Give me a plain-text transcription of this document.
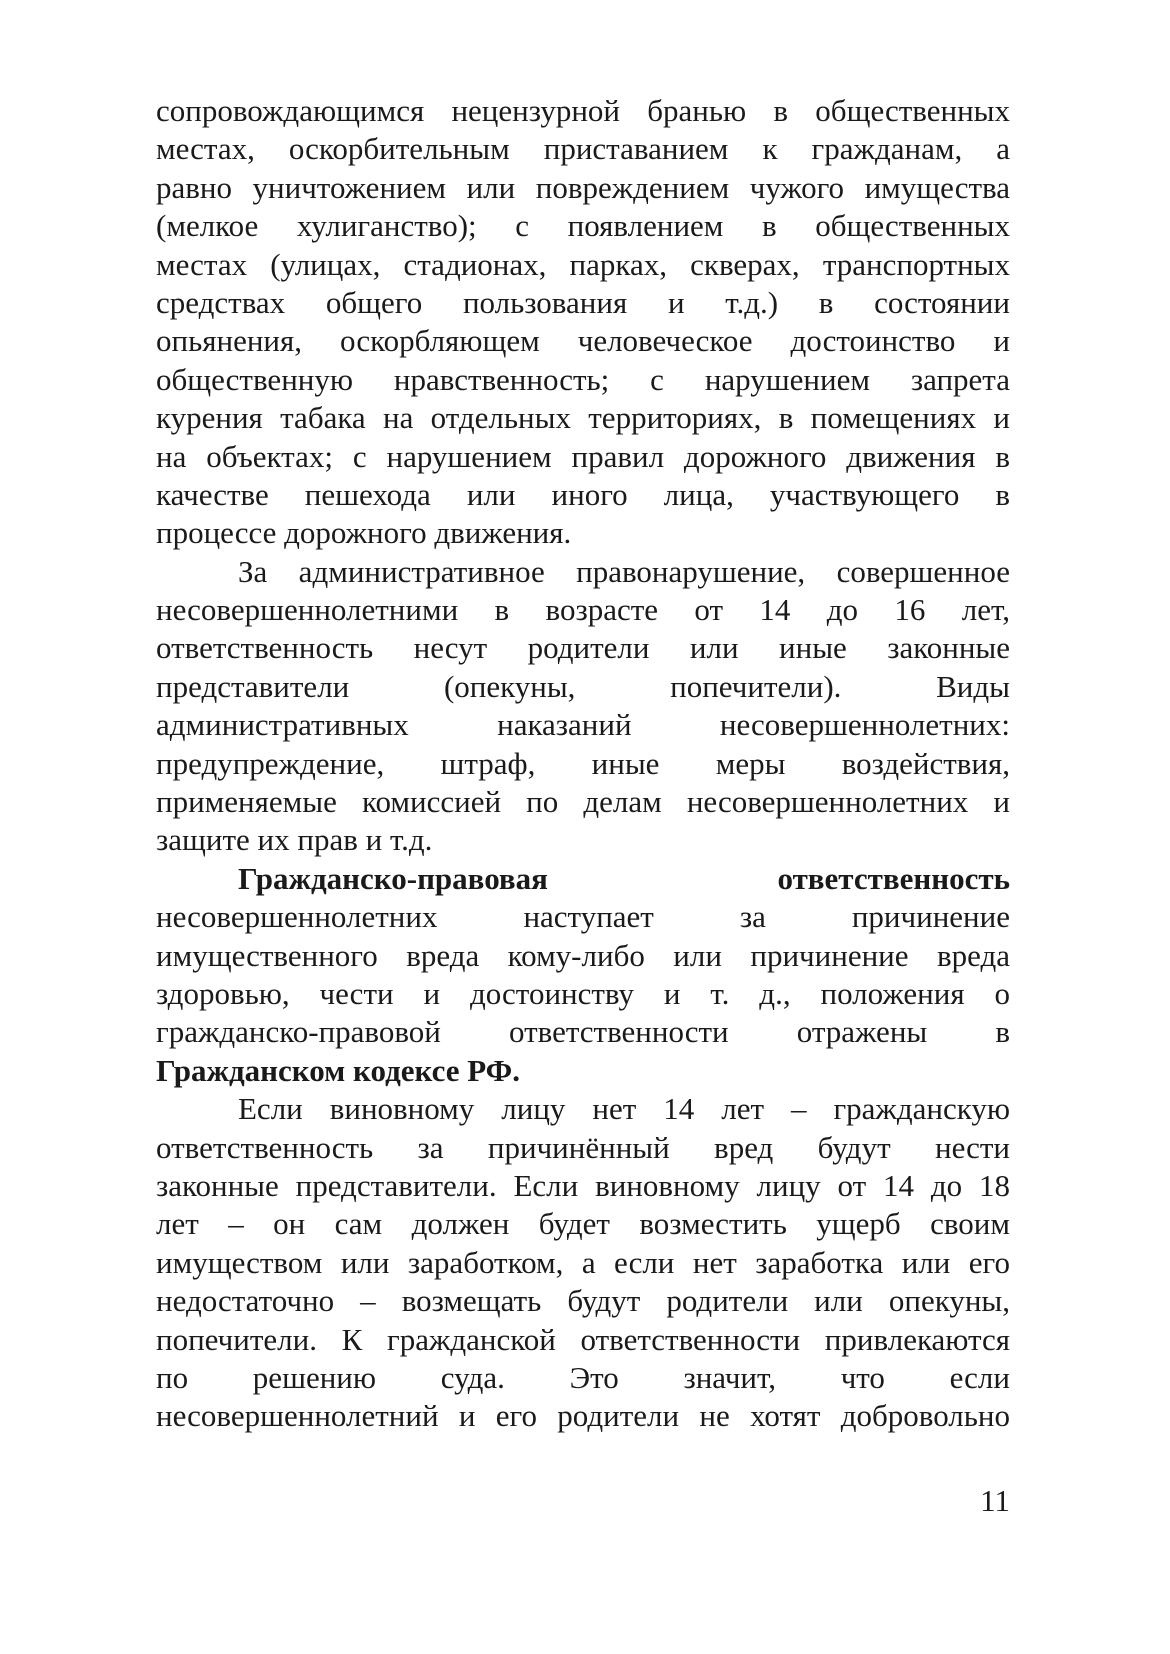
сопровождающимся нецензурной бранью в общественных
местах, оскорбительным приставанием к гражданам, а
равно уничтожением или повреждением чужого имущества
(мелкое хулиганство); с появлением в общественных
местах (улицах, стадионах, парках, скверах, транспортных
средствах общего пользования и т.д.) в состоянии
опьянения, оскорбляющем человеческое достоинство и
общественную нравственность; с нарушением запрета
курения табака на отдельных территориях, в помещениях и
на объектах; с нарушением правил дорожного движения в
качестве пешехода или иного лица, участвующего в
процессе дорожного движения.
За административное правонарушение, совершенное
несовершеннолетними в возрасте от 14 до 16 лет,
ответственность несут родители или иные законные
представители (опекуны, попечители). Виды
административных наказаний несовершеннолетних:
предупреждение, штраф, иные меры воздействия,
применяемые комиссией по делам несовершеннолетних и
защите их прав и т.д.
Гражданско-правовая	ответственность
несовершеннолетних наступает за причинение
имущественного вреда кому-либо или причинение вреда
здоровью, чести и достоинству и т. д., положения о
гражданско-правовой ответственности отражены в
Гражданском кодексе РФ.
Если виновному лицу нет 14 лет – гражданскую
ответственность за причинённый вред будут нести
законные представители. Если виновному лицу от 14 до 18
лет – он сам должен будет возместить ущерб своим
имуществом или заработком, а если нет заработка или его
недостаточно – возмещать будут родители или опекуны,
попечители. К гражданской ответственности привлекаются
по решению суда. Это значит, что если
несовершеннолетний и его родители не хотят добровольно
11
